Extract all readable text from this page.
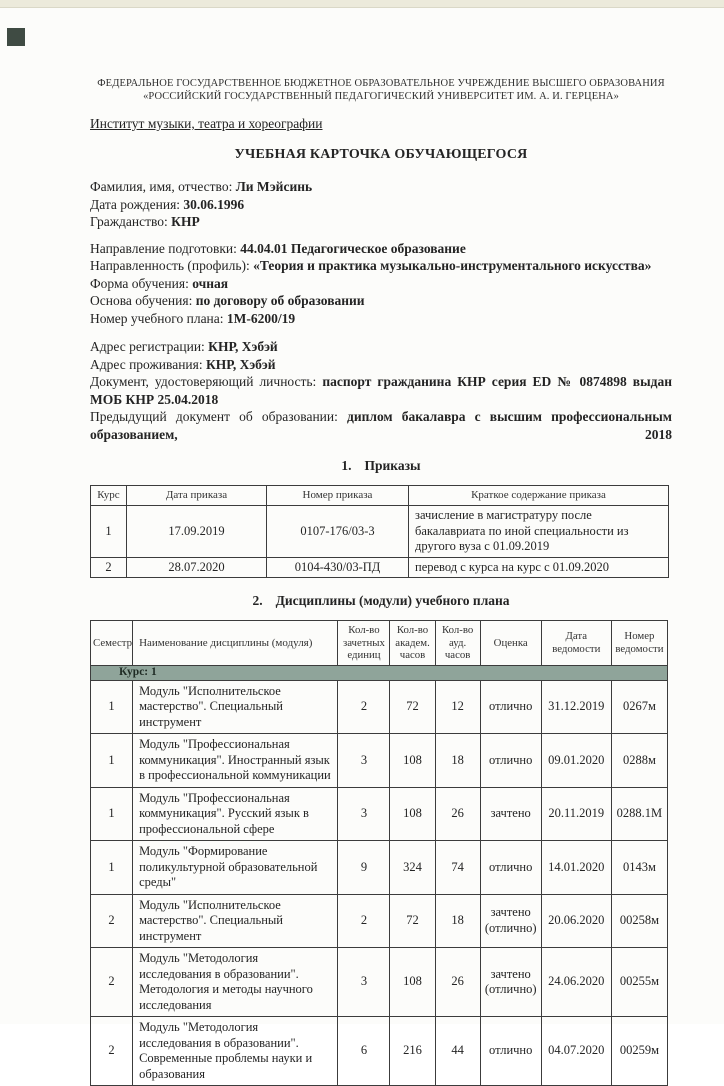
ФЕДЕРАЛЬНОЕ ГОСУДАРСТВЕННОЕ БЮДЖЕТНОЕ ОБРАЗОВАТЕЛЬНОЕ УЧРЕЖДЕНИЕ ВЫСШЕГО ОБРАЗОВАНИЯ
«РОССИЙСКИЙ ГОСУДАРСТВЕННЫЙ ПЕДАГОГИЧЕСКИЙ УНИВЕРСИТЕТ ИМ. А. И. ГЕРЦЕНА»
Институт музыки, театра и хореографии
УЧЕБНАЯ КАРТОЧКА ОБУЧАЮЩЕГОСЯ
Фамилия, имя, отчество: Ли Мэйсинь
Дата рождения: 30.06.1996
Гражданство: КНР
Направление подготовки: 44.04.01 Педагогическое образование
Направленность (профиль): «Теория и практика музыкально-инструментального искусства»
Форма обучения: очная
Основа обучения: по договору об образовании
Номер учебного плана: 1М-6200/19
Адрес регистрации: КНР, Хэбэй
Адрес проживания: КНР, Хэбэй
Документ, удостоверяющий личность: паспорт гражданина КНР серия ED № 0874898 выдан
МОБ КНР 25.04.2018
Предыдущий документ об образовании: диплом бакалавра с высшим профессиональным
образованием,	2018
1. Приказы
Курс	Дата приказа	Номер приказа	Краткое содержание приказа
1	17.09.2019	0107-176/03-3	зачисление в магистратуру после бакалавриата по иной специальности из другого вуза с 01.09.2019
2	28.07.2020	0104-430/03-ПД	перевод с курса на курс с 01.09.2020
2. Дисциплины (модули) учебного плана
Семестр	Наименование дисциплины (модуля)	Кол-во зачетных единиц	Кол-во академ. часов	Кол-во ауд. часов	Оценка	Дата ведомости	Номер ведомости
Курс: 1							
1	Модуль "Исполнительское мастерство". Специальный инструмент	2	72	12	отлично	31.12.2019	0267м
1	Модуль "Профессиональная коммуникация". Иностранный язык в профессиональной коммуникации	3	108	18	отлично	09.01.2020	0288м
1	Модуль "Профессиональная коммуникация". Русский язык в профессиональной сфере	3	108	26	зачтено	20.11.2019	0288.1М
1	Модуль "Формирование поликультурной образовательной среды"	9	324	74	отлично	14.01.2020	0143м
2	Модуль "Исполнительское мастерство". Специальный инструмент	2	72	18	зачтено (отлично)	20.06.2020	00258м
2	Модуль "Методология исследования в образовании". Методология и методы научного исследования	3	108	26	зачтено (отлично)	24.06.2020	00255м
2	Модуль "Методология исследования в образовании". Современные проблемы науки и образования	6	216	44	отлично	04.07.2020	00259м
